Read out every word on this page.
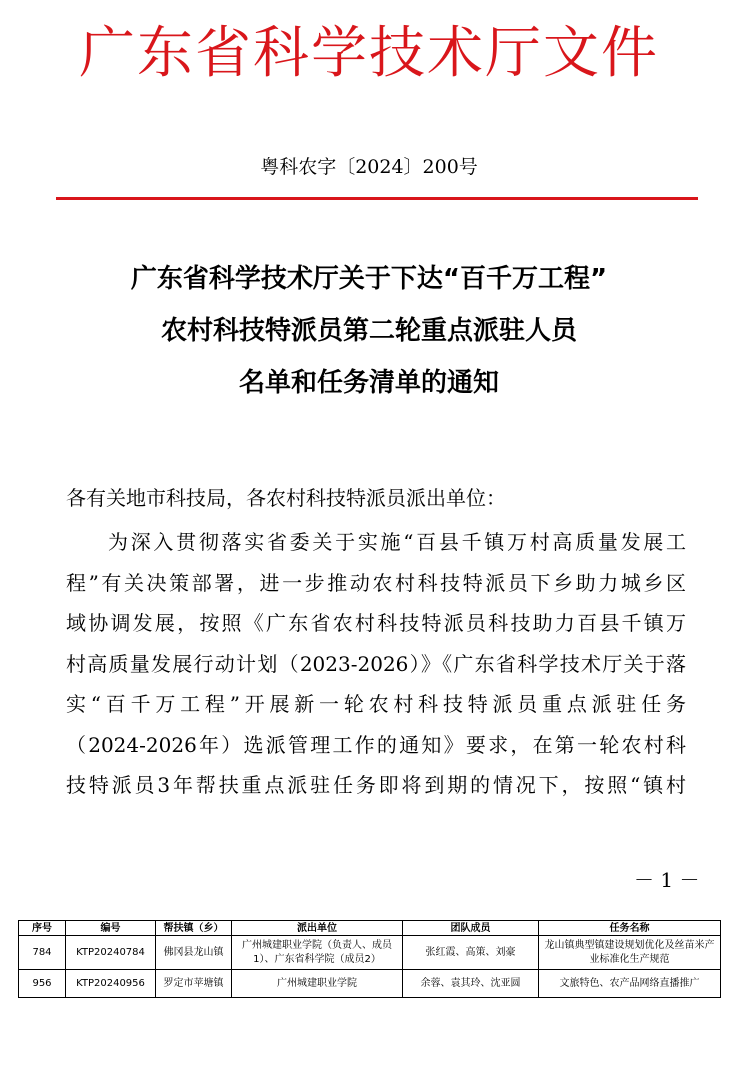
广东省科学技术厅文件
粤科农字〔2024〕200号
广东省科学技术厅关于下达“百千万工程”
农村科技特派员第二轮重点派驻人员
名单和任务清单的通知
各有关地市科技局，各农村科技特派员派出单位：
为深入贯彻落实省委关于实施“百县千镇万村高质量发展工
程”有关决策部署，进一步推动农村科技特派员下乡助力城乡区
域协调发展，按照《广东省农村科技特派员科技助力百县千镇万
村高质量发展行动计划（2023-2026）》《广东省科学技术厅关于落
实“百千万工程”开展新一轮农村科技特派员重点派驻任务
（2024-2026年）选派管理工作的通知》要求，在第一轮农村科
技特派员3年帮扶重点派驻任务即将到期的情况下，按照“镇村
－ 1 －
序号	编号	帮扶镇（乡）	派出单位	团队成员	任务名称
784	KTP20240784	佛冈县龙山镇	广州城建职业学院（负责人、成员1）、广东省科学院（成员2）	张红霞、高策、刘豪	龙山镇典型镇建设规划优化及丝苗米产业标准化生产规范
956	KTP20240956	罗定市苹塘镇	广州城建职业学院	余蓉、袁其玲、沈亚圆	文旅特色、农产品网络直播推广
